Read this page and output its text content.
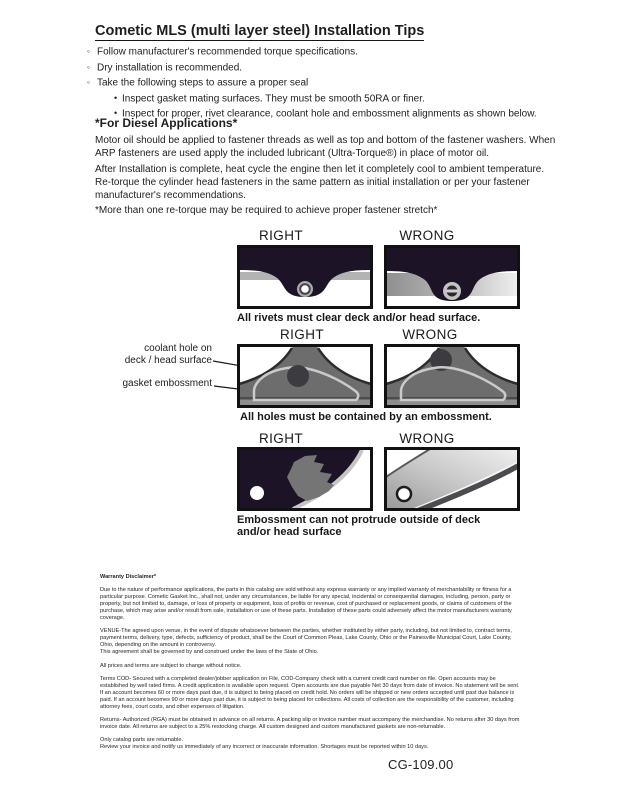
Cometic MLS (multi layer steel) Installation Tips
◦ Follow manufacturer's recommended torque specifications.
◦ Dry installation is recommended.
◦ Take the following steps to assure a proper seal
• Inspect gasket mating surfaces. They must be smooth 50RA or finer.
• Inspect for proper, rivet clearance, coolant hole and embossment alignments as shown below.
*For Diesel Applications*
Motor oil should be applied to fastener threads as well as top and bottom of the fastener washers. When ARP fasteners are used apply the included lubricant (Ultra-Torque®) in place of motor oil.
After Installation is complete, heat cycle the engine then let it completely cool to ambient temperature. Re-torque the cylinder head fasteners in the same pattern as initial installation or per your fastener manufacturer's recommendations.
*More than one re-torque may be required to achieve proper fastener stretch*
RIGHT	WRONG
All rivets must clear deck and/or head surface.
coolant hole on
deck / head surface
gasket embossment
RIGHT	WRONG
All holes must be contained by an embossment.
RIGHT	WRONG
Embossment can not protrude outside of deck
and/or head surface
Warranty Disclaimer*
Due to the nature of performance applications, the parts in this catalog are sold without any express warranty or any implied warranty of merchantability or fitness for a particular purpose. Cometic Gasket Inc., shall not, under any circumstances, be liable for any special, incidental or consequential damages, including, person, party or property, but not limited to, damage, or loss of property or equipment, loss of profits or revenue, cost of purchased or replacement goods, or claims of customers of the purchase, which may arise and/or result from sale, installation or use of these parts. Installation of these parts could adversely affect the motor manufacturers warranty coverage.
VENUE-The agreed upon venue, in the event of dispute whatsoever between the parties, whether instituted by either party, including, but not limited to, contract terms, payment terms, delivery, type, defects, sufficiency of product, shall be the Court of Common Pleas, Lake County, Ohio or the Painesville Municipal Court, Lake County, Ohio, depending on the amount in controversy.
This agreement shall be governed by and construed under the laws of the State of Ohio.
All prices and terms are subject to change without notice.
Terms COD- Secured with a completed dealer/jobber application on File, COD-Company check with a current credit card number on file. Open accounts may be established by well rated firms. A credit application is available upon request. Open accounts are due payable Net 30 days from date of invoice. No statement will be sent. If an account becomes 60 or more days past due, it is subject to being placed on credit hold. No orders will be shipped or new orders accepted until past due balance is paid. If an account becomes 90 or more days past due, it is subject to being placed for collections. All costs of collection are the responsibility of the customer, including attorney fees, court costs, and other expenses of litigation.
Returns- Authorized (RGA) must be obtained in advance on all returns. A packing slip or invoice number must accompany the merchandise. No returns after 30 days from invoice date. All returns are subject to a 25% restocking charge. All custom designed and custom manufactured gaskets are non-returnable.
Only catalog parts are returnable.
Review your invoice and notify us immediately of any incorrect or inaccurate information. Shortages must be reported within 10 days.
CG-109.00
